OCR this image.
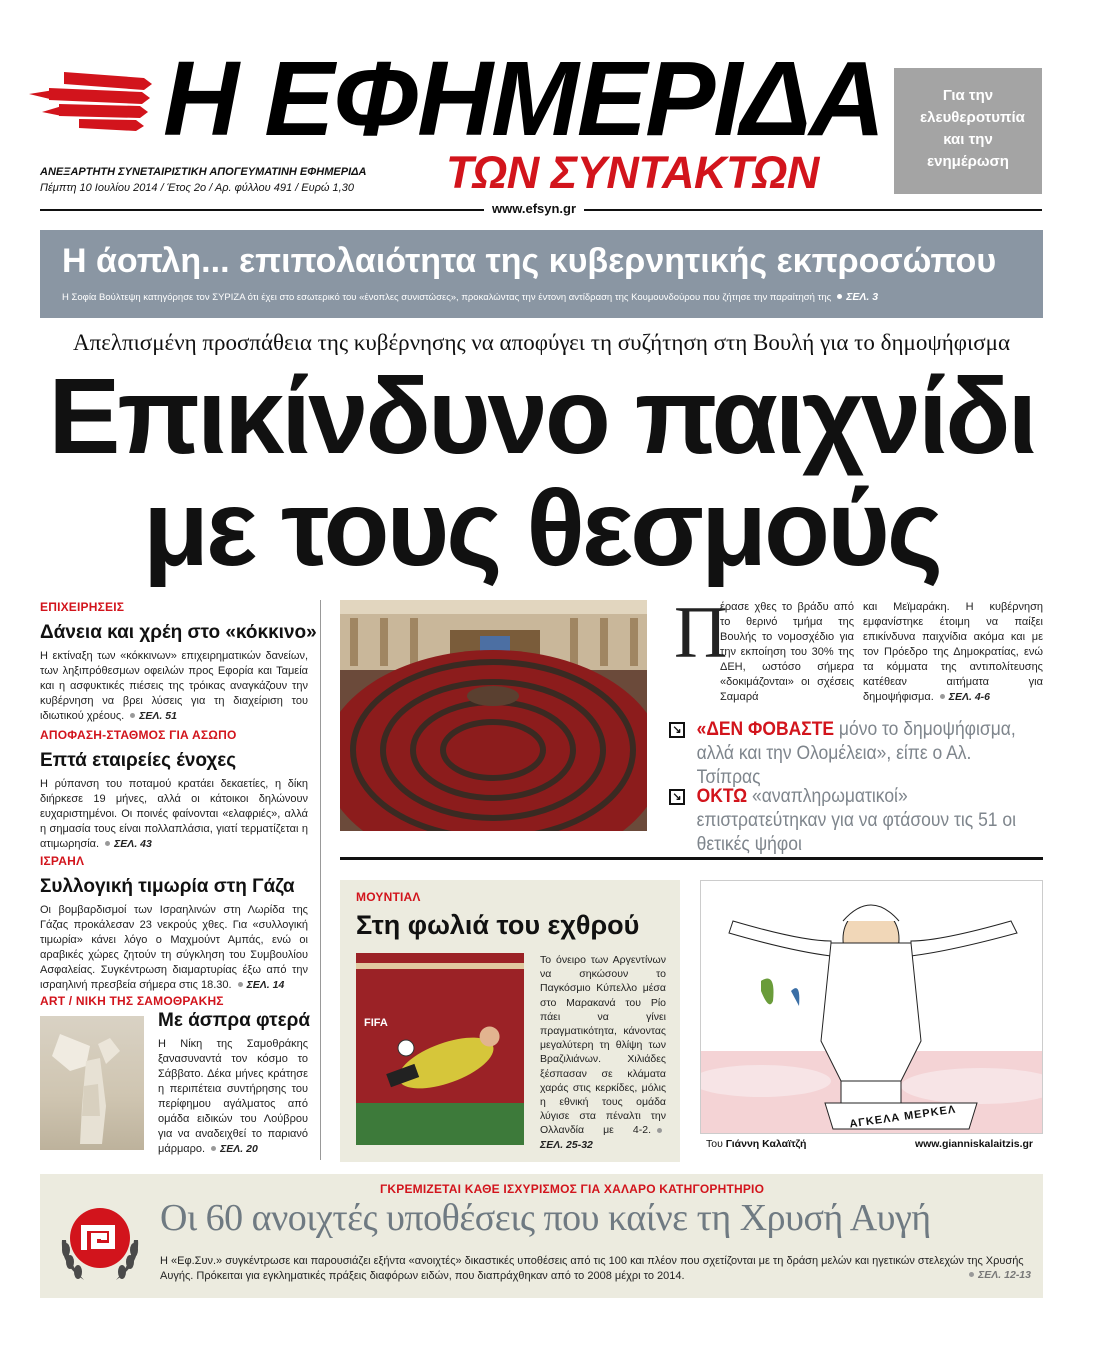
Η ΕΦΗΜΕΡΙΔΑ
ΤΩΝ ΣΥΝΤΑΚΤΩΝ
ΑΝΕΞΑΡΤΗΤΗ ΣΥΝΕΤΑΙΡΙΣΤΙΚΗ ΑΠΟΓΕΥΜΑΤΙΝΗ ΕΦΗΜΕΡΙΔΑ
Πέμπτη 10 Ιουλίου 2014 / Έτος 2ο / Αρ. φύλλου 491 / Ευρώ 1,30
www.efsyn.gr
Για την ελευθεροτυπία και την ενημέρωση
Η άοπλη... επιπολαιότητα της κυβερνητικής εκπροσώπου
Η Σοφία Βούλτεψη κατηγόρησε τον ΣΥΡΙΖΑ ότι έχει στο εσωτερικό του «ένοπλες συνιστώσες», προκαλώντας την έντονη αντίδραση της Κουμουνδούρου που ζήτησε την παραίτησή της ΣΕΛ. 3
Απελπισμένη προσπάθεια της κυβέρνησης να αποφύγει τη συζήτηση στη Βουλή για το δημοψήφισμα
Επικίνδυνο παιχνίδι
με τους θεσμούς
ΕΠΙΧΕΙΡΗΣΕΙΣ
Δάνεια και χρέη στο «κόκκινο»
Η εκτίναξη των «κόκκινων» επιχειρηματικών δανείων, των ληξιπρόθεσμων οφειλών προς Εφορία και Ταμεία και η ασφυκτικές πιέσεις της τρόικας αναγκάζουν την κυβέρνηση να βρει λύσεις για τη διαχείριση του ιδιωτικού χρέους. ΣΕΛ. 51
ΑΠΟΦΑΣΗ-ΣΤΑΘΜΟΣ ΓΙΑ ΑΣΩΠΟ
Επτά εταιρείες ένοχες
Η ρύπανση του ποταμού κρατάει δεκαετίες, η δίκη διήρκεσε 19 μήνες, αλλά οι κάτοικοι δηλώνουν ευχαριστημένοι. Οι ποινές φαίνονται «ελαφριές», αλλά η σημασία τους είναι πολλαπλάσια, γιατί τερματίζεται η ατιμωρησία. ΣΕΛ. 43
ΙΣΡΑΗΛ
Συλλογική τιμωρία στη Γάζα
Οι βομβαρδισμοί των Ισραηλινών στη Λωρίδα της Γάζας προκάλεσαν 23 νεκρούς χθες. Για «συλλογική τιμωρία» κάνει λόγο ο Μαχμούντ Αμπάς, ενώ οι αραβικές χώρες ζητούν τη σύγκληση του Συμβουλίου Ασφαλείας. Συγκέντρωση διαμαρτυρίας έξω από την ισραηλινή πρεσβεία σήμερα στις 18.30. ΣΕΛ. 14
ART / ΝΙΚΗ ΤΗΣ ΣΑΜΟΘΡΑΚΗΣ
Με άσπρα φτερά
Η Νίκη της Σαμοθράκης ξανασυναντά τον κόσμο το Σάββατο. Δέκα μήνες κράτησε η περιπέτεια συντήρησης του περίφημου αγάλματος από ομάδα ειδικών του Λούβρου για να αναδειχθεί το παριανό μάρμαρο. ΣΕΛ. 20
Π
έρασε χθες το βράδυ από το θερινό τμήμα της Βουλής το νομοσχέδιο για την εκποίηση του 30% της ΔΕΗ, ωστόσο σήμερα «δοκιμάζονται» οι σχέσεις Σαμαρά
και Μεϊμαράκη. Η κυβέρνηση εμφανίστηκε έτοιμη να παίξει επικίνδυνα παιχνίδια ακόμα και με τον Πρόεδρο της Δημοκρατίας, ενώ τα κόμματα της αντιπολίτευσης κατέθεαν αιτήματα για δημοψήφισμα. ΣΕΛ. 4-6
↘ «ΔΕΝ ΦΟΒΑΣΤΕ μόνο το δημοψήφισμα, αλλά και την Ολομέλεια», είπε ο Αλ. Τσίπρας
↘ ΟΚΤΩ «αναπληρωματικοί» επιστρατεύτηκαν για να φτάσουν τις 51 οι θετικές ψήφοι
ΜΟΥΝΤΙΑΛ
Στη φωλιά του εχθρού
FIFA
Το όνειρο των Αργεντίνων να σηκώσουν το Παγκόσμιο Κύπελλο μέσα στο Μαρακανά του Ρίο πάει να γίνει πραγματικότητα, κάνοντας μεγαλύτερη τη θλίψη των Βραζιλιάνων. Χιλιάδες ξέσπασαν σε κλάματα χαράς στις κερκίδες, μόλις η εθνική τους ομάδα λύγισε στα πέναλτι την Ολλανδία με 4-2.ΣΕΛ. 25-32
ΑΓΚΕΛΑ ΜΕΡΚΕΛ
Του Γιάννη Καλαϊτζή	www.gianniskalaitzis.gr
ΓΚΡΕΜΙΖΕΤΑΙ ΚΑΘΕ ΙΣΧΥΡΙΣΜΟΣ ΓΙΑ ΧΑΛΑΡΟ ΚΑΤΗΓΟΡΗΤΗΡΙΟ
Οι 60 ανοιχτές υποθέσεις που καίνε τη Χρυσή Αυγή
Η «Εφ.Συν.» συγκέντρωσε και παρουσιάζει εξήντα «ανοιχτές» δικαστικές υποθέσεις από τις 100 και πλέον που σχετίζονται με τη δράση μελών και ηγετικών στελεχών της Χρυσής Αυγής. Πρόκειται για εγκληματικές πράξεις διαφόρων ειδών, που διαπράχθηκαν από το 2008 μέχρι το 2014.	ΣΕΛ. 12-13
